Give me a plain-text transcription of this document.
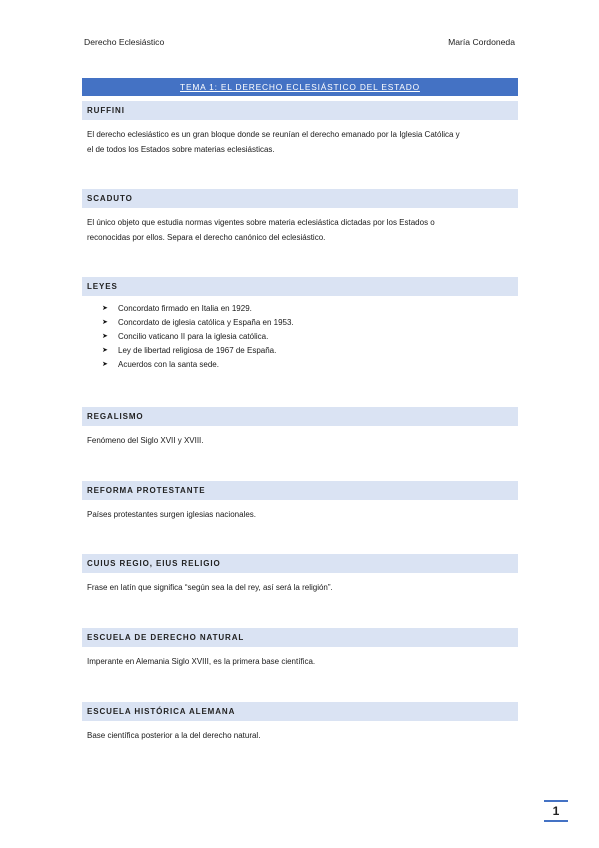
Derecho Eclesiástico	María Cordoneda
TEMA 1: EL DERECHO ECLESIÁSTICO DEL ESTADO
RUFFINI
El derecho eclesiástico es un gran bloque donde se reunían el derecho emanado por la Iglesia Católica y
el de todos los Estados sobre materias eclesiásticas.
SCADUTO
El único objeto que estudia normas vigentes sobre materia eclesiástica dictadas por los Estados o
reconocidas por ellos. Separa el derecho canónico del eclesiástico.
LEYES
➤	Concordato firmado en Italia en 1929.
➤	Concordato de iglesia católica y España en 1953.
➤	Concilio vaticano II para la iglesia católica.
➤	Ley de libertad religiosa de 1967 de España.
➤	Acuerdos con la santa sede.
REGALISMO
Fenómeno del Siglo XVII y XVIII.
REFORMA PROTESTANTE
Países protestantes surgen iglesias nacionales.
CUIUS REGIO, EIUS RELIGIO
Frase en latín que significa “según sea la del rey, así será la religión”.
ESCUELA DE DERECHO NATURAL
Imperante en Alemania Siglo XVIII, es la primera base científica.
ESCUELA HISTÓRICA ALEMANA
Base científica posterior a la del derecho natural.
1
